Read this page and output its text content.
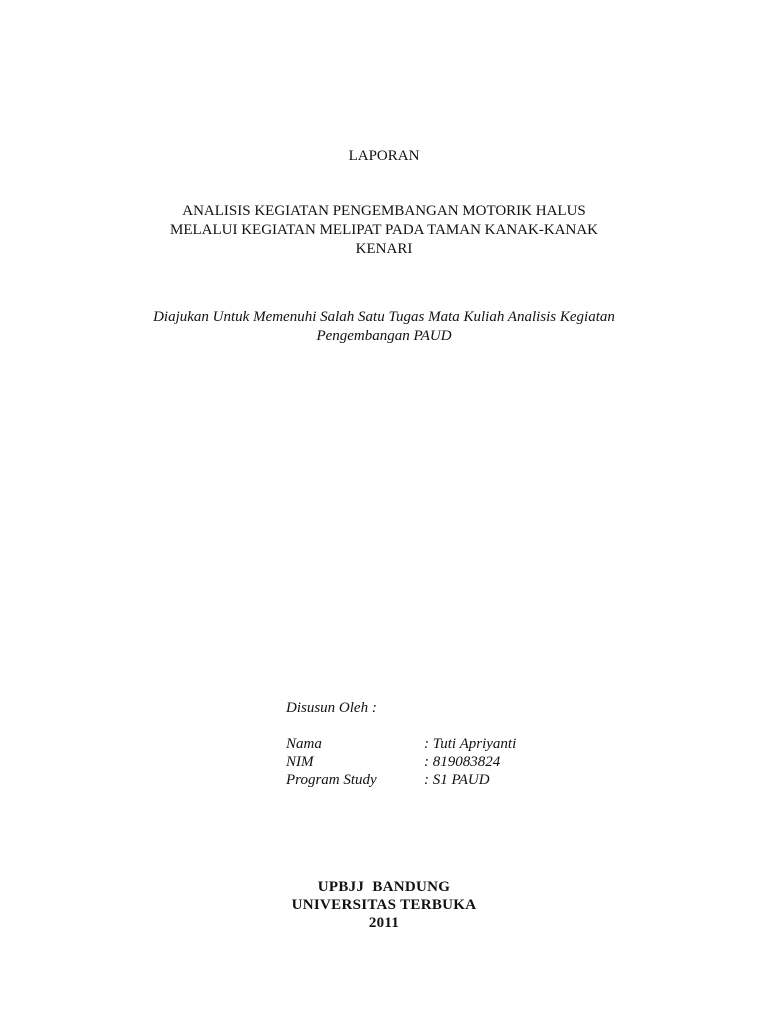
LAPORAN
ANALISIS KEGIATAN PENGEMBANGAN MOTORIK HALUS
MELALUI KEGIATAN MELIPAT PADA TAMAN KANAK-KANAK
KENARI
Diajukan Untuk Memenuhi Salah Satu Tugas Mata Kuliah Analisis Kegiatan
Pengembangan PAUD
Disusun Oleh :
Nama	: Tuti Apriyanti
NIM	: 819083824
Program Study	: S1 PAUD
UPBJJ  BANDUNG
UNIVERSITAS TERBUKA
2011
